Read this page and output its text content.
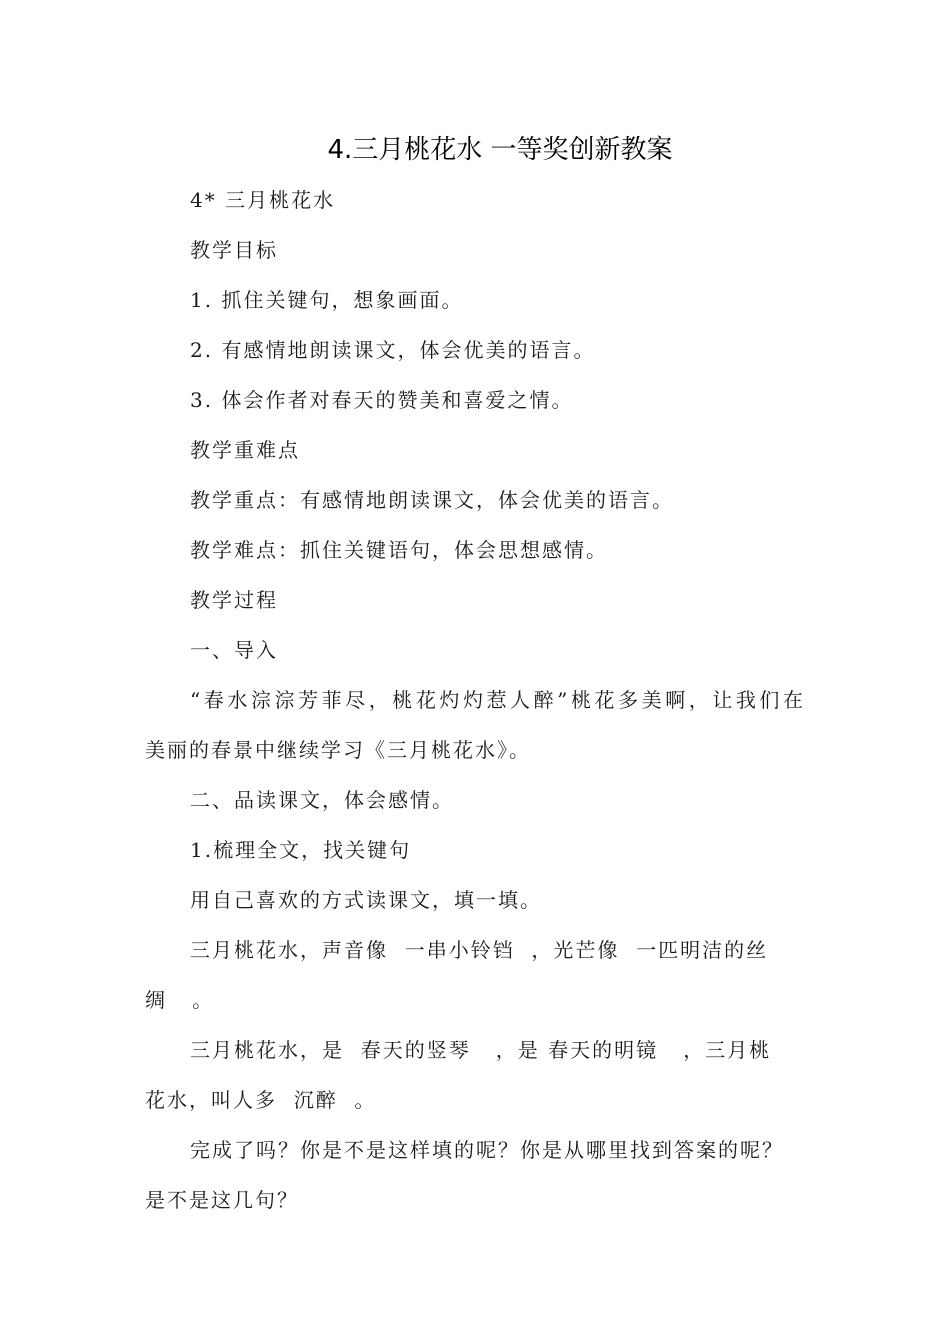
4.三月桃花水 一等奖创新教案
4* 三月桃花水
教学目标
1. 抓住关键句，想象画面。
2. 有感情地朗读课文，体会优美的语言。
3. 体会作者对春天的赞美和喜爱之情。
教学重难点
教学重点：有感情地朗读课文，体会优美的语言。
教学难点：抓住关键语句，体会思想感情。
教学过程
一、导入
“春水淙淙芳菲尽，桃花灼灼惹人醉”桃花多美啊，让我们在
美丽的春景中继续学习《三月桃花水》。
二、品读课文，体会感情。
1.梳理全文，找关键句
用自己喜欢的方式读课文，填一填。
三月桃花水，声音像  一串小铃铛  ，光芒像  一匹明洁的丝
绸   。
三月桃花水，是  春天的竖琴   ，是 春天的明镜   ，三月桃
花水，叫人多  沉醉  。
完成了吗？你是不是这样填的呢？你是从哪里找到答案的呢？
是不是这几句？
